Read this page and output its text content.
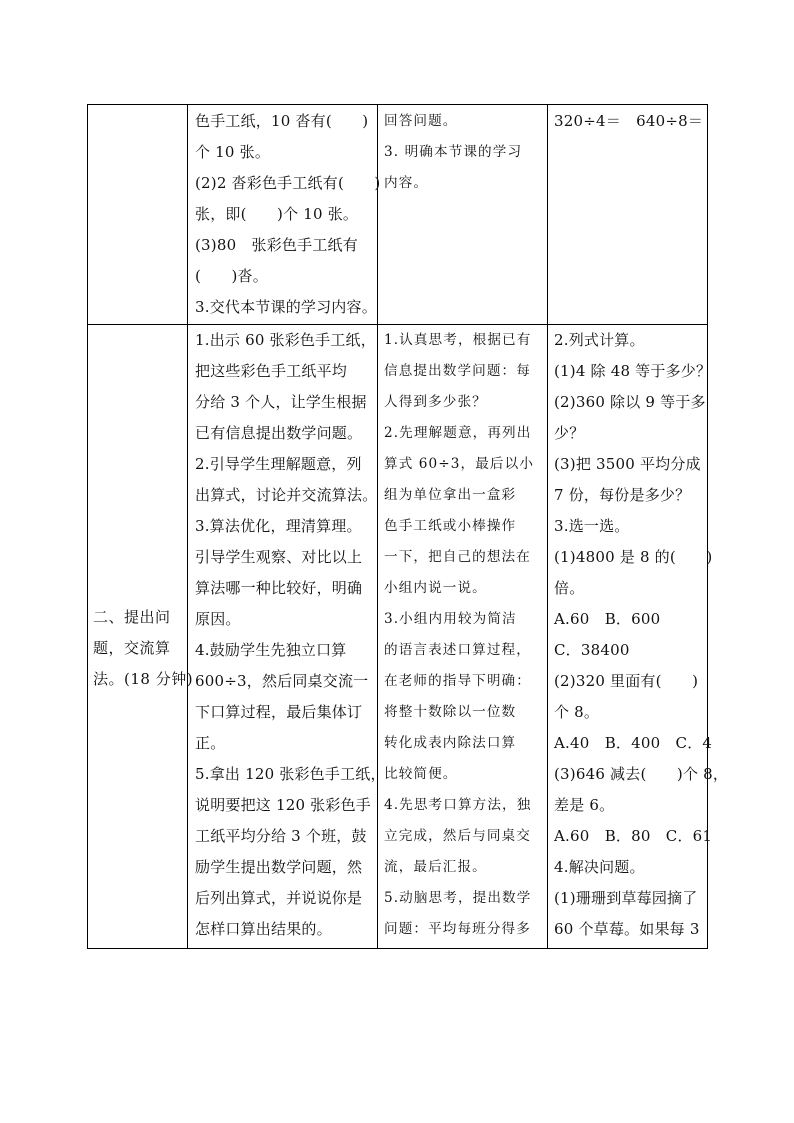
色手工纸，10 沓有(　　)
个 10 张。
(2)2 沓彩色手工纸有(　　)
张，即(　　)个 10 张。
(3)80　张彩色手工纸有
(　　)沓。
3.交代本节课的学习内容。
回答问题。
3. 明确本节课的学习
内容。
320÷4＝　640÷8＝
二、提出问
题，交流算
法。(18 分钟)
1.出示 60 张彩色手工纸，
把这些彩色手工纸平均
分给 3 个人，让学生根据
已有信息提出数学问题。
2.引导学生理解题意，列
出算式，讨论并交流算法。
3.算法优化，理清算理。
引导学生观察、对比以上
算法哪一种比较好，明确
原因。
4.鼓励学生先独立口算
600÷3，然后同桌交流一
下口算过程，最后集体订
正。
5.拿出 120 张彩色手工纸，
说明要把这 120 张彩色手
工纸平均分给 3 个班，鼓
励学生提出数学问题，然
后列出算式，并说说你是
怎样口算出结果的。
1.认真思考，根据已有
信息提出数学问题：每
人得到多少张？
2.先理解题意，再列出
算式 60÷3，最后以小
组为单位拿出一盒彩
色手工纸或小棒操作
一下，把自己的想法在
小组内说一说。
3.小组内用较为简洁
的语言表述口算过程，
在老师的指导下明确：
将整十数除以一位数
转化成表内除法口算
比较简便。
4.先思考口算方法，独
立完成，然后与同桌交
流，最后汇报。
5.动脑思考，提出数学
问题：平均每班分得多
2.列式计算。
(1)4 除 48 等于多少？
(2)360 除以 9 等于多
少？
(3)把 3500 平均分成
7 份，每份是多少？
3.选一选。
(1)4800 是 8 的(　　)
倍。
A.60　B．600
C．38400
(2)320 里面有(　　)
个 8。
A.40　B．400　C．4
(3)646 减去(　　)个 8，
差是 6。
A.60　B．80　C．61
4.解决问题。
(1)珊珊到草莓园摘了
60 个草莓。如果每 3
